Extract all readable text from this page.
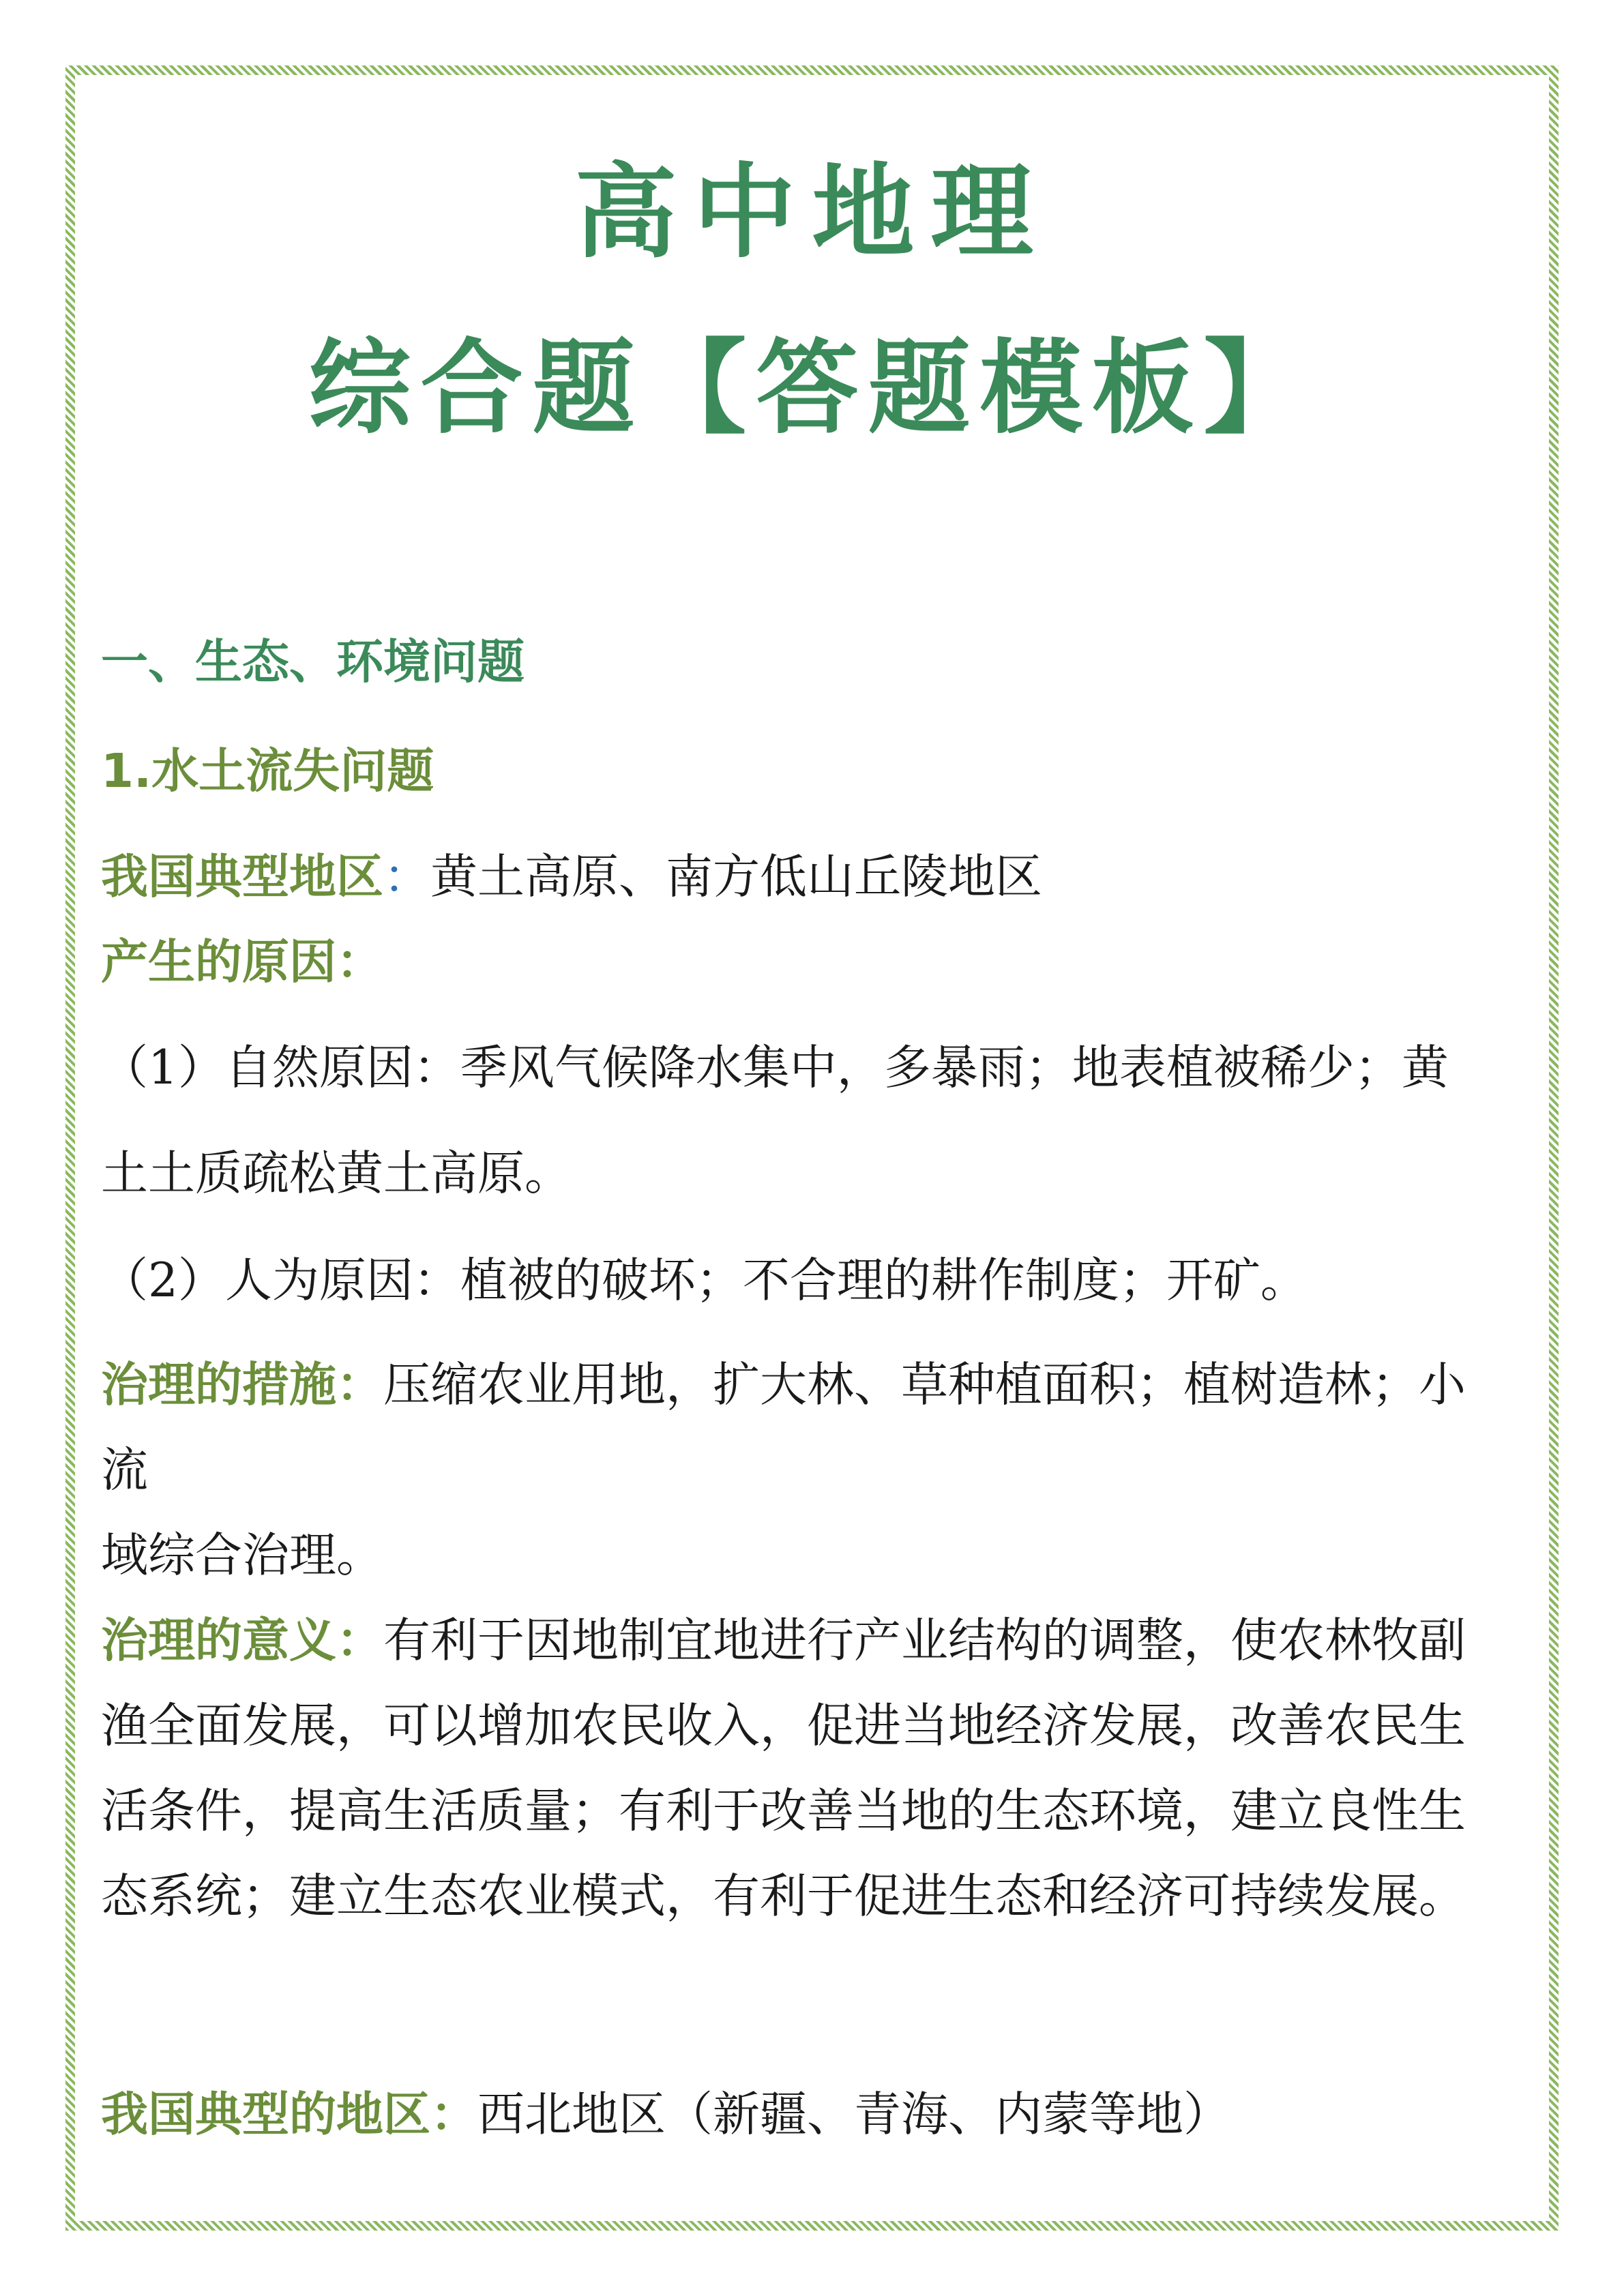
高中地理
综合题【答题模板】
一、生态、环境问题
1.水土流失问题
我国典型地区：黄土高原、南方低山丘陵地区
产生的原因：
（1）自然原因：季风气候降水集中，多暴雨；地表植被稀少；黄
土土质疏松黄土高原。
（2）人为原因：植被的破坏；不合理的耕作制度；开矿。
治理的措施：压缩农业用地，扩大林、草种植面积；植树造林；小
流
域综合治理。
治理的意义：有利于因地制宜地进行产业结构的调整，使农林牧副
渔全面发展，可以增加农民收入，促进当地经济发展，改善农民生
活条件，提高生活质量；有利于改善当地的生态环境，建立良性生
态系统；建立生态农业模式，有利于促进生态和经济可持续发展。
我国典型的地区：西北地区（新疆、青海、内蒙等地）
